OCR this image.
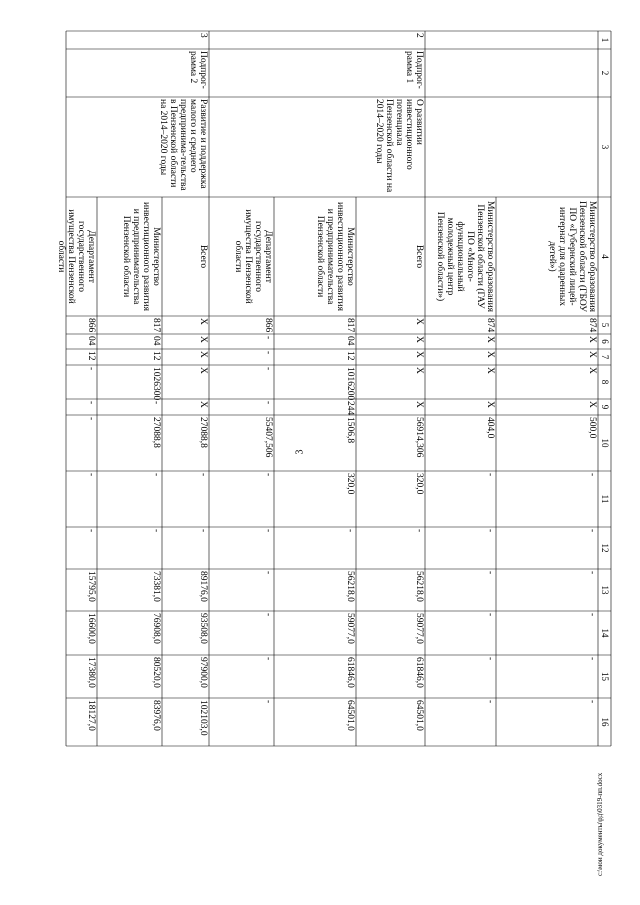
3
c:\мои документы\рд\0319-пп.docx
1
2
3
4
5
6
7
8
9
10
11
12
13
14
15
16
2
Подпрог-рамма 1
О развитии инвестиционного потенциала Пензенской области на 2014–2020 годы
3
Подпрог-рамма 2
Развитие и поддержка малого и среднего предпринима-тельства в Пензенской области на 2014–2020 годы
Министерство образования Пензенской области (ГБОУ ПО «Губернский лицей-интернат для одаренных детей»)
874
X
X
X
X
500,0
-
-
-
-
-
-
Министерство образования Пензенской области (ГАУ ПО «Много-функциональный молодежный центр Пензенской области»)
874
X
X
X
X
404,0
-
-
-
-
-
-
Всего
X
X
X
X
X
56914,306
320,0
-
56218,0
59077,0
61846,0
64501,0
Министерство инвестиционного развития и предпринимательства Пензенской области
817
04
12
1016200
244
1506,8
320,0
-
56218,0
59077,0
61846,0
64501,0
Департамент государственного имущества Пензенской области
866
-
-
-
-
55407,506
-
-
-
-
-
-
Всего
X
X
X
X
X
27088,8
-
-
89176,0
93508,0
97900,0
102103,0
Министерство инвестиционного развития и предпринимательства Пензенской области
817
04
12
1026300
-
27088,8
-
-
73381,0
76908,0
80520,0
83976,0
Департамент государственного имущества Пензенской области
866
04
12
-
-
-
-
-
15795,0
16600,0
17380,0
18127,0
